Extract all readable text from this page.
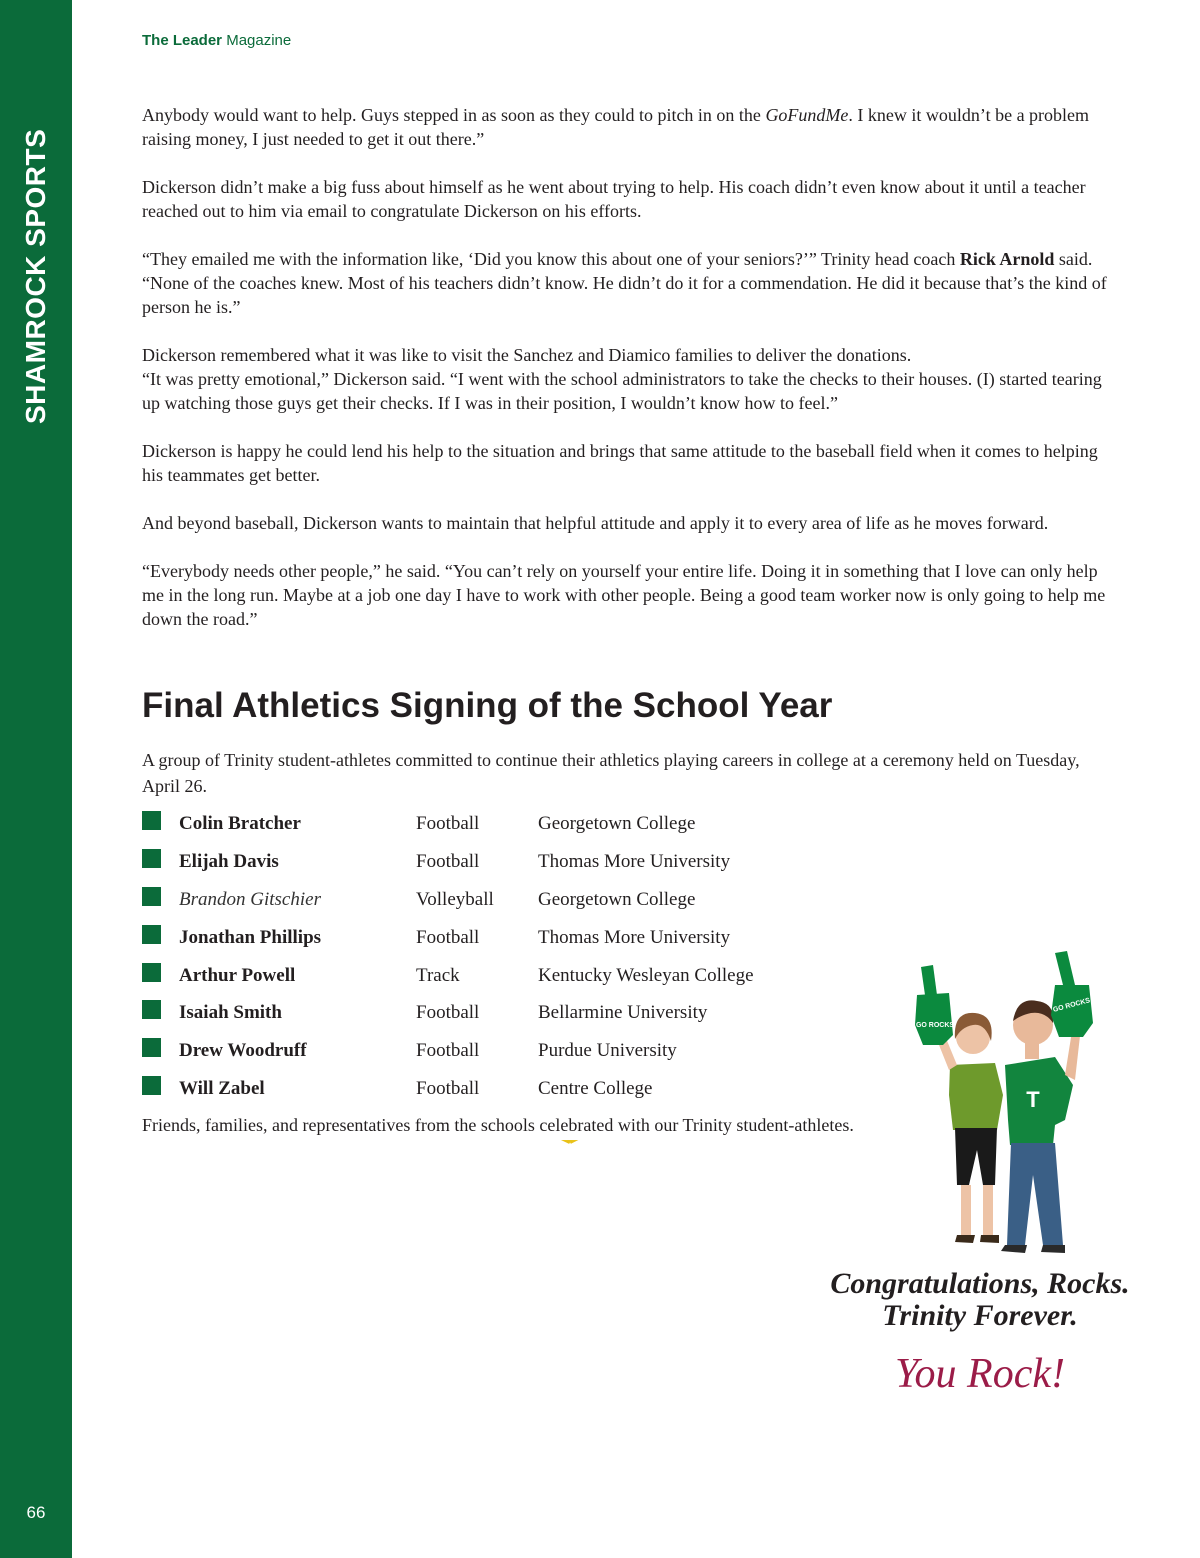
SHAMROCK SPORTS
66
The Leader Magazine

Anybody would want to help. Guys stepped in as soon as they could to pitch in on the GoFundMe. I knew it wouldn’t be a problem raising money, I just needed to get it out there.”

Dickerson didn’t make a big fuss about himself as he went about trying to help. His coach didn’t even know about it until a teacher reached out to him via email to congratulate Dickerson on his efforts.

“They emailed me with the information like, ‘Did you know this about one of your seniors?’” Trinity head coach Rick Arnold said. “None of the coaches knew. Most of his teachers didn’t know. He didn’t do it for a commendation. He did it because that’s the kind of person he is.”

Dickerson remembered what it was like to visit the Sanchez and Diamico families to deliver the donations.
“It was pretty emotional,” Dickerson said. “I went with the school administrators to take the checks to their houses. (I) started tearing up watching those guys get their checks. If I was in their position, I wouldn’t know how to feel.”

Dickerson is happy he could lend his help to the situation and brings that same attitude to the baseball field when it comes to helping his teammates get better.

And beyond baseball, Dickerson wants to maintain that helpful attitude and apply it to every area of life as he moves forward.

“Everybody needs other people,” he said. “You can’t rely on yourself your entire life. Doing it in something that I love can only help me in the long run. Maybe at a job one day I have to work with other people. Being a good team worker now is only going to help me down the road.”

Final Athletics Signing of the School Year

A group of Trinity student-athletes committed to continue their athletics playing careers in college at a ceremony held on Tuesday, April 26.

Colin Bratcher	Football	Georgetown College
Elijah Davis	Football	Thomas More University
Brandon Gitschier	Volleyball Georgetown College
Jonathan Phillips	Football	Thomas More University
Arthur Powell	Track	Kentucky Wesleyan College
Isaiah Smith	Football	Bellarmine University
Drew Woodruff	Football	Purdue University
Will Zabel	Football	Centre College

Friends, families, and representatives from the schools celebrated with our Trinity student-athletes.

GO ROCKS
T
GO ROCKS
Congratulations, Rocks.
Trinity Forever.
You Rock!
